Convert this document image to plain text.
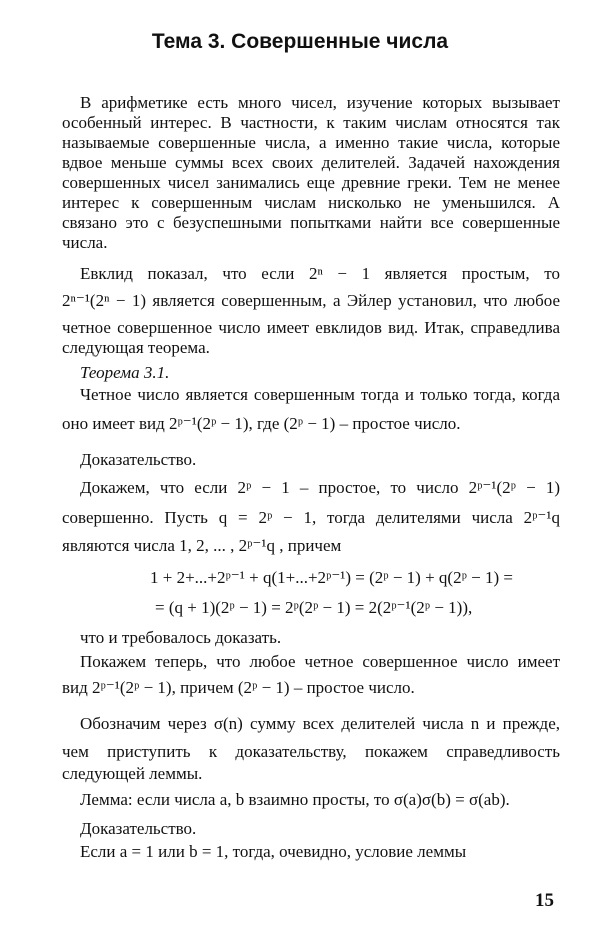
Тема 3. Совершенные числа
В арифметике есть много чисел, изучение которых вызывает
особенный интерес. В частности, к таким числам относятся так
называемые совершенные числа, а именно такие числа, которые
вдвое меньше суммы всех своих делителей. Задачей нахождения
совершенных чисел занимались еще древние греки. Тем не менее
интерес к совершенным числам нисколько не уменьшился. А
связано это с безуспешными попытками найти все совершенные
числа.
Евклид показал, что если 2ⁿ − 1 является простым, то
2ⁿ⁻¹(2ⁿ − 1) является совершенным, а Эйлер установил, что любое
четное совершенное число имеет евклидов вид. Итак, справедлива
следующая теорема.
Теорема 3.1.
Четное число является совершенным тогда и только тогда, когда
оно имеет вид 2ᵖ⁻¹(2ᵖ − 1), где (2ᵖ − 1) – простое число.
Доказательство.
Докажем, что если 2ᵖ − 1 – простое, то число 2ᵖ⁻¹(2ᵖ − 1)
совершенно. Пусть q = 2ᵖ − 1, тогда делителями числа 2ᵖ⁻¹q
являются числа 1, 2, ... , 2ᵖ⁻¹q , причем
1 + 2+...+2ᵖ⁻¹ + q(1+...+2ᵖ⁻¹) = (2ᵖ − 1) + q(2ᵖ − 1) =
= (q + 1)(2ᵖ − 1) = 2ᵖ(2ᵖ − 1) = 2(2ᵖ⁻¹(2ᵖ − 1)),
что и требовалось доказать.
Покажем теперь, что любое четное совершенное число имеет
вид 2ᵖ⁻¹(2ᵖ − 1), причем (2ᵖ − 1) – простое число.
Обозначим через σ(n) сумму всех делителей числа n и прежде,
чем приступить к доказательству, покажем справедливость
следующей леммы.
Лемма: если числа a, b взаимно просты, то σ(a)σ(b) = σ(ab).
Доказательство.
Если a = 1 или b = 1, тогда, очевидно, условие леммы
15
